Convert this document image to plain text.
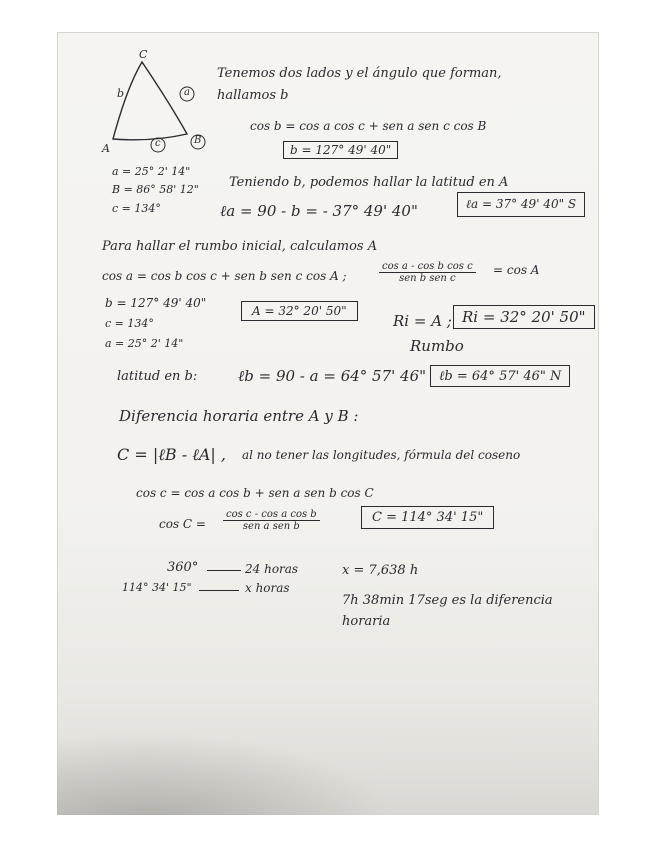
C
b	a
A	c	B
a = 25° 2' 14"
B = 86° 58' 12"
c = 134°
Tenemos dos lados y el ángulo que forman,
hallamos b
cos b = cos a cos c + sen a sen c cos B
b = 127° 49' 40"
Teniendo b, podemos hallar la latitud en A
ℓa = 90 - b = - 37° 49' 40"	ℓa = 37° 49' 40" S
Para hallar el rumbo inicial, calculamos A
cos a = cos b cos c + sen b sen c cos A ;
cos a - cos b cos c
sen b sen c
= cos A
b = 127° 49' 40"
c = 134°
a = 25° 2' 14"
A = 32° 20' 50"
Ri = A ; Ri = 32° 20' 50"
Rumbo
latitud en b:	ℓb = 90 - a = 64° 57' 46" ℓb = 64° 57' 46" N
Diferencia horaria entre A y B :
C = |ℓB - ℓA| , al no tener las longitudes, fórmula del coseno
cos c = cos a cos b + sen a sen b cos C
cos C =
cos c - cos a cos b
sen a sen b
C = 114° 34' 15"
360°	24 horas
114° 34' 15"	x horas
x = 7,638 h
7h 38min 17seg es la diferencia
horaria
